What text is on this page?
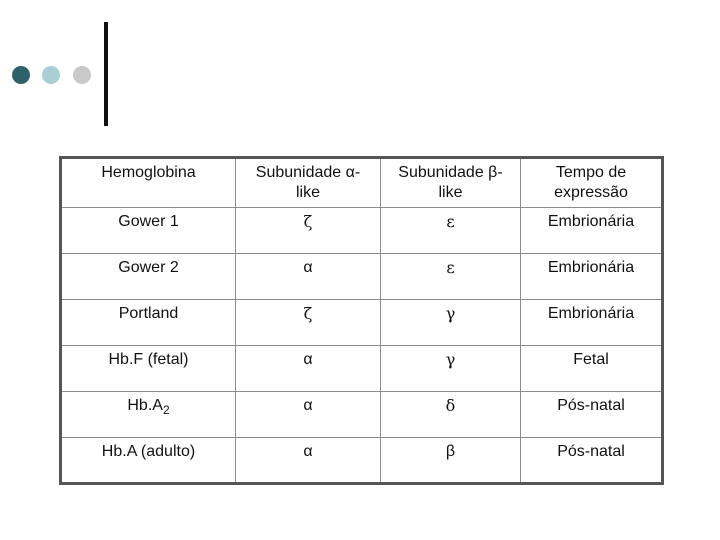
Hemoglobina	Subunidade α-like	Subunidade β-like	Tempo de expressão
Gower 1	ζ	ε	Embrionária
Gower 2	α	ε	Embrionária
Portland	ζ	γ	Embrionária
Hb.F (fetal)	α	γ	Fetal
$Hb.A_2$	α	δ	Pós-natal
Hb.A (adulto)	α	β	Pós-natal
